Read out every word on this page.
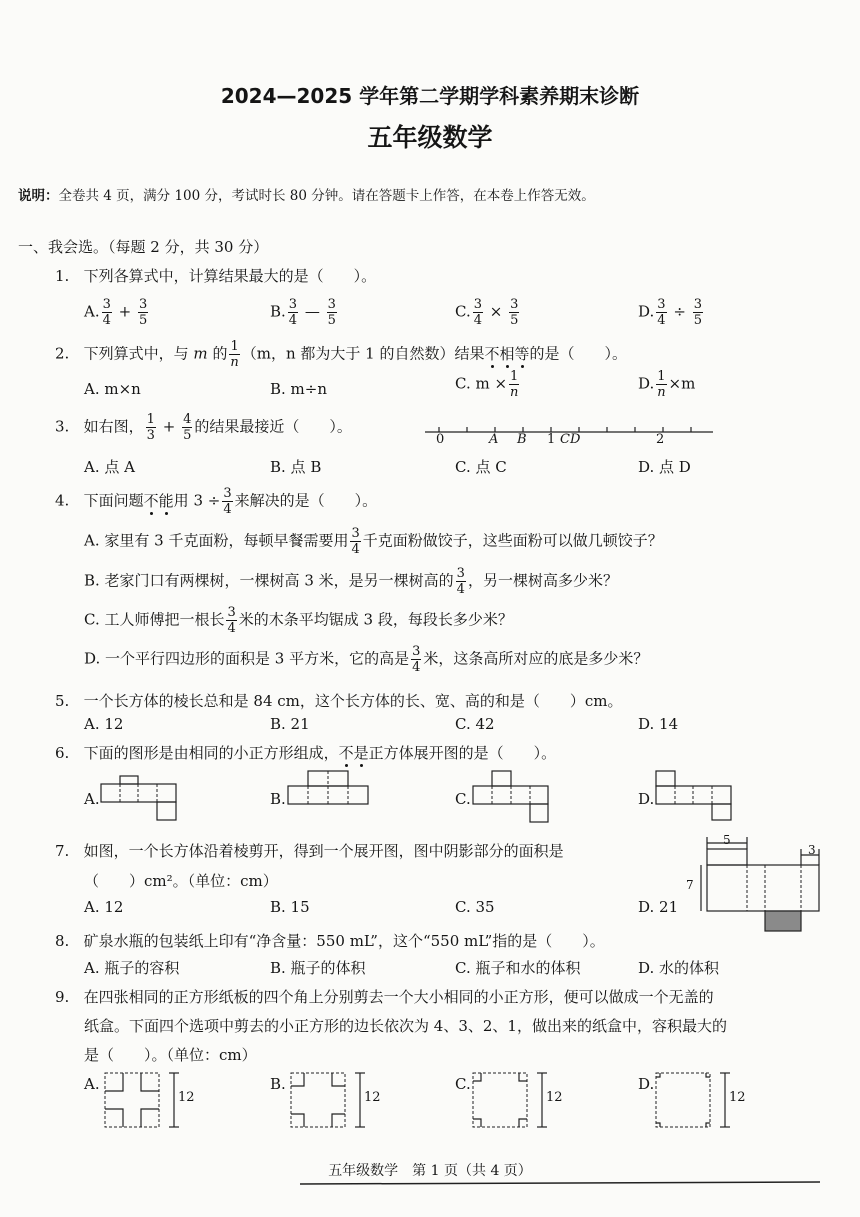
2024—2025 学年第二学期学科素养期末诊断
五年级数学
说明：全卷共 4 页，满分 100 分，考试时长 80 分钟。请在答题卡上作答，在本卷上作答无效。
一、我会选。（每题 2 分，共 30 分）
1. 下列各算式中，计算结果最大的是（　　）。
A. $\frac{3}{4} + \frac{3}{5}$	B. $\frac{3}{4}$ — $\frac{3}{5}$	C. $\frac{3}{4} \times \frac{3}{5}$	D. $\frac{3}{4} \div \frac{3}{5}$
2. 下列算式中，与 m 的 $\frac{1}{n} (m$，n 都为大于 1 的自然数）结果不相等的是（　　）。
A. m×n	B. m÷n	C. $m \times \frac{1}{n}$	D. $\frac{1}{n} \times m$
3. 如右图， $\frac{1}{3} + \frac{4}{5}$ 的结果最接近（　　）。
0	A B 1 CD	2
A. 点 A	B. 点 B	C. 点 C	D. 点 D
4. 下面问题不能用 $3 \div \frac{3}{4}$ 来解决的是（　　）。
A. 家里有 3 千克面粉，每顿早餐需要用 $\frac{3}{4}$ 千克面粉做饺子，这些面粉可以做几顿饺子？
B. 老家门口有两棵树，一棵树高 3 米，是另一棵树高的 $\frac{3}{4}$ ，另一棵树高多少米？
C. 工人师傅把一根长 $\frac{3}{4}$ 米的木条平均锯成 3 段，每段长多少米？
D. 一个平行四边形的面积是 3 平方米，它的高是 $\frac{3}{4}$ 米，这条高所对应的底是多少米？
5. 一个长方体的棱长总和是 84 cm，这个长方体的长、宽、高的和是（　　）cm。
A. 12	B. 21	C. 42	D. 14
6. 下面的图形是由相同的小正方形组成，不是正方体展开图的是（　　）。
A.	B.	C.	D.
7. 如图，一个长方体沿着棱剪开，得到一个展开图，图中阴影部分的面积是
（　　）cm²。（单位：cm）
A. 12	B. 15	C. 35	D. 21
5
3
7
8. 矿泉水瓶的包装纸上印有“净含量：550 mL”，这个“550 mL”指的是（　　）。
A. 瓶子的容积	B. 瓶子的体积	C. 瓶子和水的体积	D. 水的体积
9. 在四张相同的正方形纸板的四个角上分别剪去一个大小相同的小正方形，便可以做成一个无盖的
纸盒。下面四个选项中剪去的小正方形的边长依次为 4、3、2、1，做出来的纸盒中，容积最大的
是（　　）。（单位：cm）
A.
12
B.
12
C.
12
D.
12
五年级数学　第 1 页（共 4 页）
